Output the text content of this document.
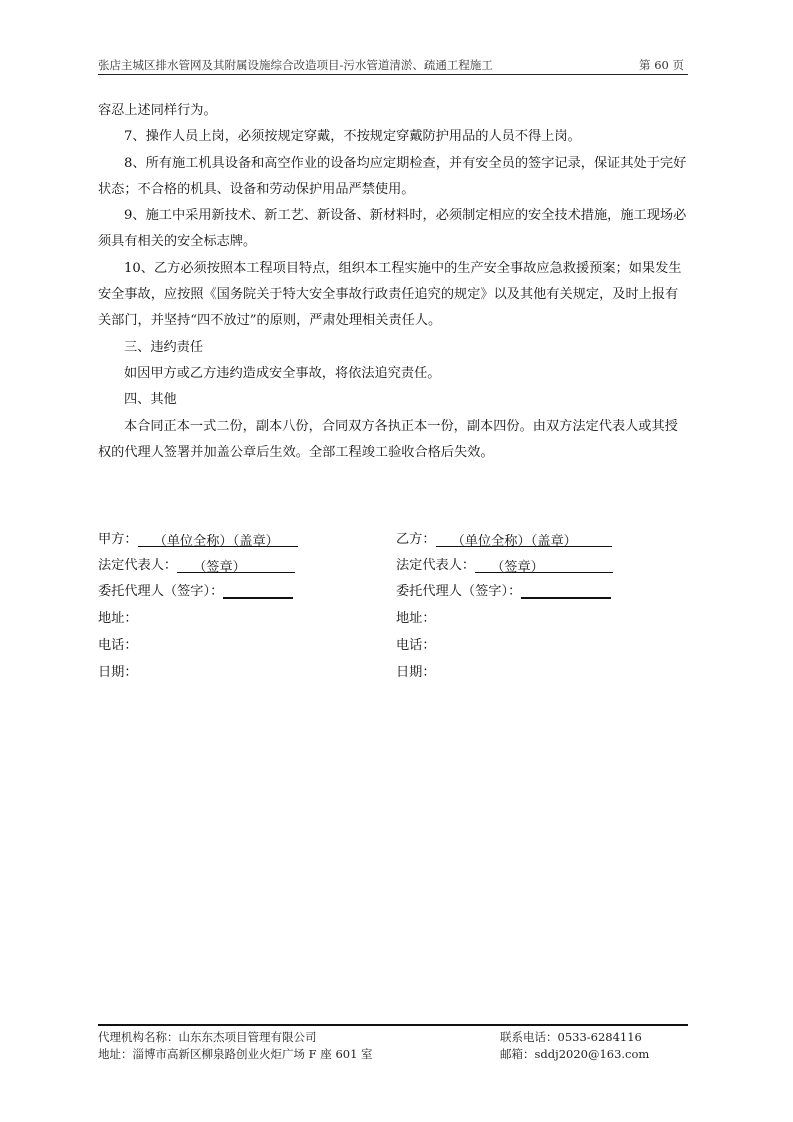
张店主城区排水管网及其附属设施综合改造项目-污水管道清淤、疏通工程施工	第 60 页

容忍上述同样行为。

7、操作人员上岗，必须按规定穿戴，不按规定穿戴防护用品的人员不得上岗。

8、所有施工机具设备和高空作业的设备均应定期检查，并有安全员的签字记录，保证其处于完好状态；不合格的机具、设备和劳动保护用品严禁使用。

9、施工中采用新技术、新工艺、新设备、新材料时，必须制定相应的安全技术措施，施工现场必须具有相关的安全标志牌。

10、乙方必须按照本工程项目特点，组织本工程实施中的生产安全事故应急救援预案；如果发生安全事故，应按照《国务院关于特大安全事故行政责任追究的规定》以及其他有关规定，及时上报有关部门，并坚持“四不放过”的原则，严肃处理相关责任人。

三、违约责任

如因甲方或乙方违约造成安全事故，将依法追究责任。

四、其他

本合同正本一式二份，副本八份，合同双方各执正本一份，副本四份。由双方法定代表人或其授权的代理人签署并加盖公章后生效。全部工程竣工验收合格后失效。

甲方： （单位全称）（盖章）
法定代表人： （签章）
委托代理人（签字）：
地址：
电话：
日期：
乙方： （单位全称）（盖章）
法定代表人： （签章）
委托代理人（签字）：
地址：
电话：
日期：
代理机构名称：山东东杰项目管理有限公司
地址：淄博市高新区柳泉路创业火炬广场 F 座 601 室
联系电话：0533-6284116
邮箱：sddj2020@163.com
